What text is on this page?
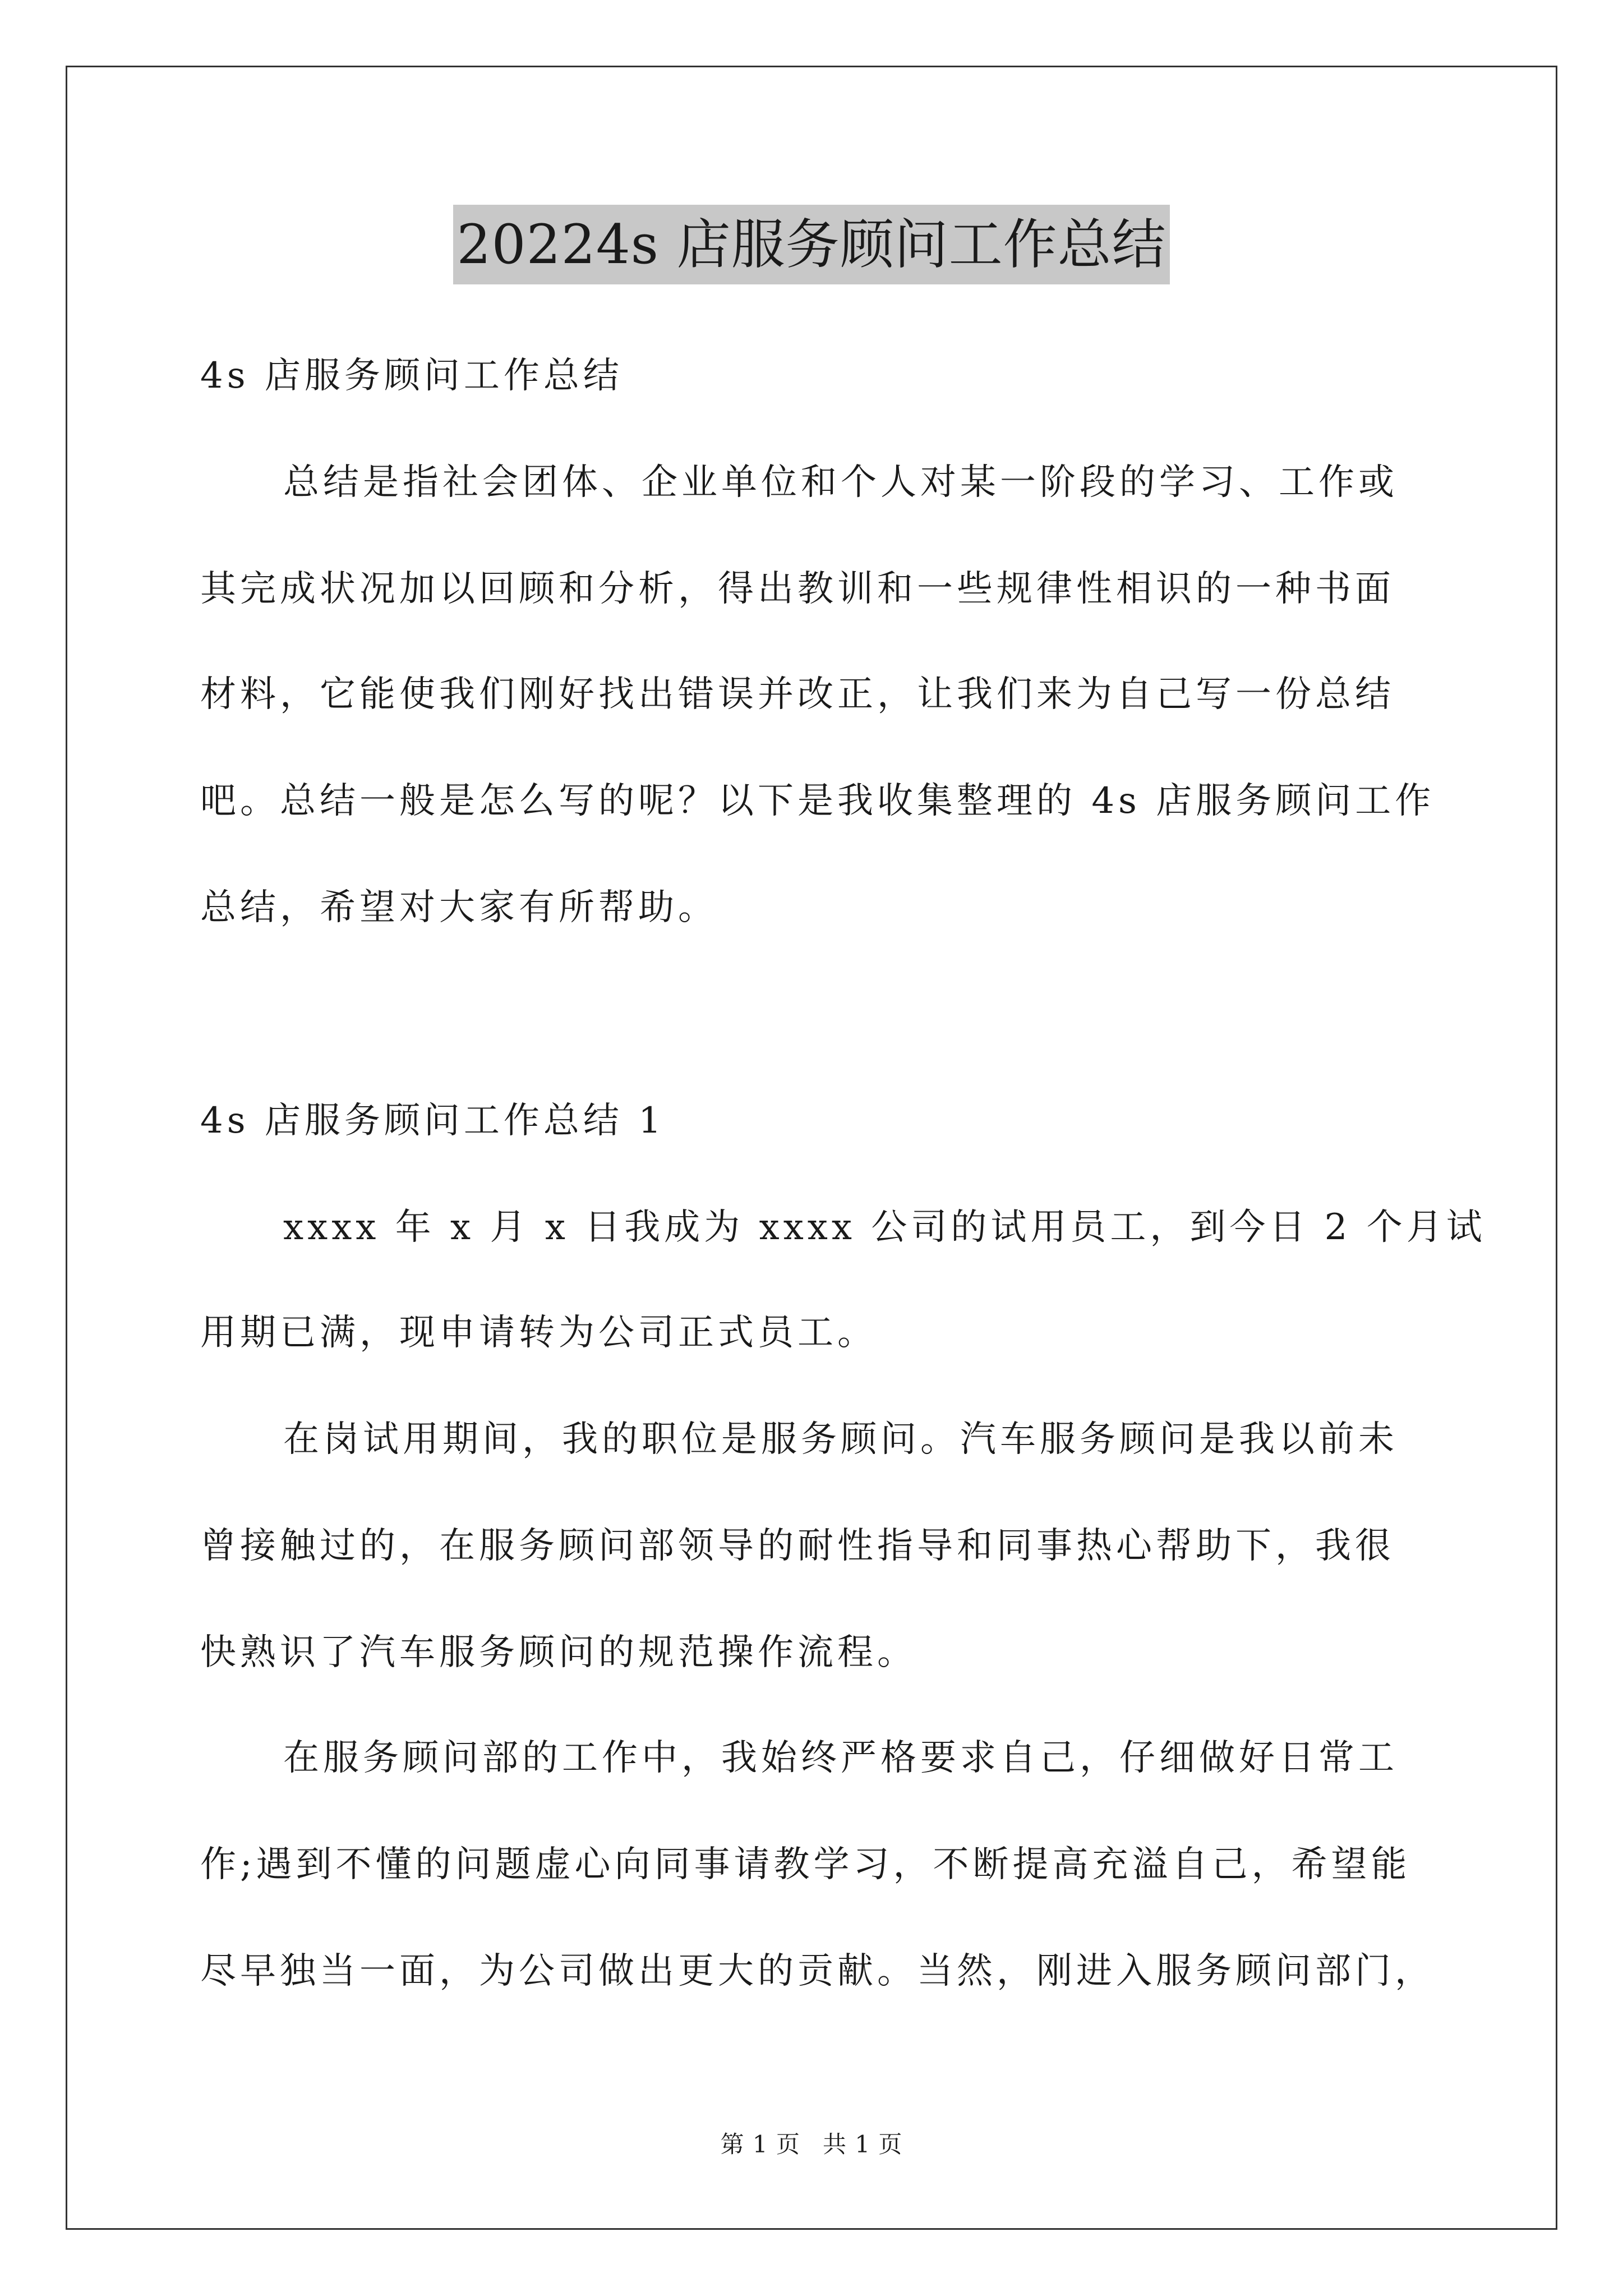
20224s 店服务顾问工作总结
4s 店服务顾问工作总结
总结是指社会团体、企业单位和个人对某一阶段的学习、工作或
其完成状况加以回顾和分析，得出教训和一些规律性相识的一种书面
材料，它能使我们刚好找出错误并改正，让我们来为自己写一份总结
吧。总结一般是怎么写的呢？以下是我收集整理的 4s 店服务顾问工作
总结，希望对大家有所帮助。
4s 店服务顾问工作总结 1
xxxx 年 x 月 x 日我成为 xxxx 公司的试用员工，到今日 2 个月试
用期已满，现申请转为公司正式员工。
在岗试用期间，我的职位是服务顾问。汽车服务顾问是我以前未
曾接触过的，在服务顾问部领导的耐性指导和同事热心帮助下，我很
快熟识了汽车服务顾问的规范操作流程。
在服务顾问部的工作中，我始终严格要求自己，仔细做好日常工
作;遇到不懂的问题虚心向同事请教学习，不断提高充溢自己，希望能
尽早独当一面，为公司做出更大的贡献。当然，刚进入服务顾问部门，
第 1 页 共 1 页
